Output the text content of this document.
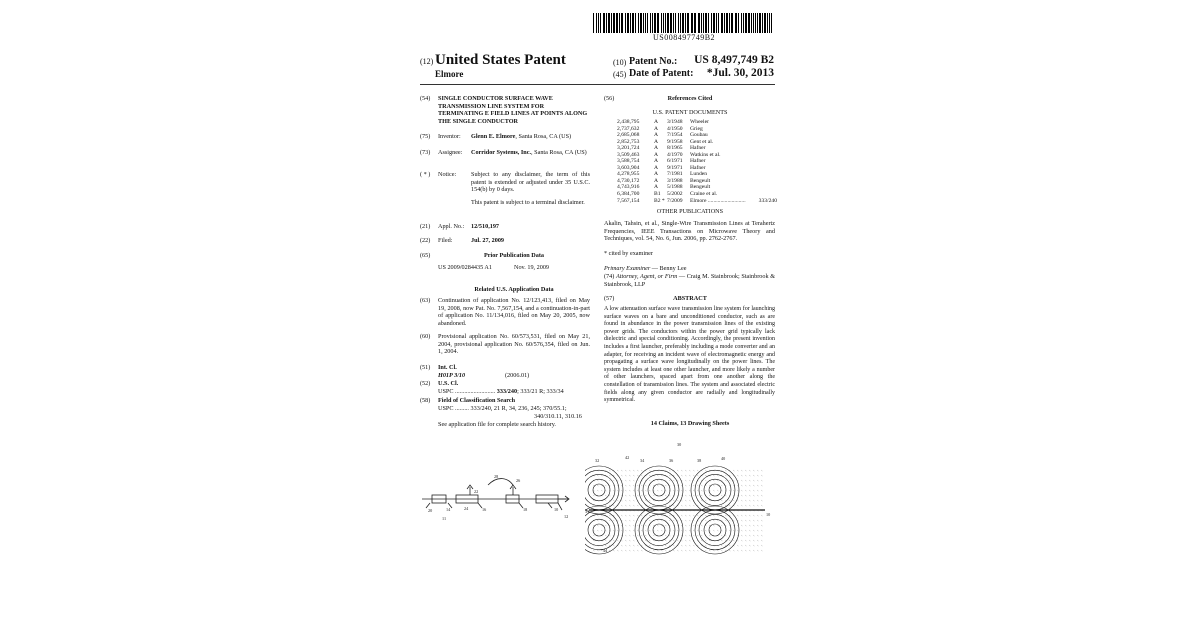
US008497749B2
(12) United States Patent
Elmore
(10) Patent No.: US 8,497,749 B2
(45) Date of Patent: *Jul. 30, 2013
(54) SINGLE CONDUCTOR SURFACE WAVE TRANSMISSION LINE SYSTEM FOR TERMINATING E FIELD LINES AT POINTS ALONG THE SINGLE CONDUCTOR
(75) Inventor: Glenn E. Elmore, Santa Rosa, CA (US)
(73) Assignee: Corridor Systems, Inc., Santa Rosa, CA (US)
( * ) Notice: Subject to any disclaimer, the term of this patent is extended or adjusted under 35 U.S.C. 154(b) by 0 days.
This patent is subject to a terminal disclaimer.
(21) Appl. No.: 12/510,197
(22) Filed:	Jul. 27, 2009
(65)	Prior Publication Data
US 2009/0284435 A1	Nov. 19, 2009
Related U.S. Application Data
(63) Continuation of application No. 12/123,413, filed on May 19, 2008, now Pat. No. 7,567,154, and a continuation-in-part of application No. 11/134,016, filed on May 20, 2005, now abandoned.
(60) Provisional application No. 60/573,531, filed on May 21, 2004, provisional application No. 60/576,354, filed on Jun. 1, 2004.
(51) Int. Cl.
H01P 3/10	(2006.01)
(52) U.S. Cl.
USPC .......................... 333/240; 333/21 R; 333/34
(58) Field of Classification Search
USPC ......... 333/240, 21 R, 34, 236, 245; 370/55.1;
340/310.11, 310.16
See application file for complete search history.
(56)	References Cited
U.S. PATENT DOCUMENTS
2,438,795	A	3/1948	Wheeler
2,737,632	A	4/1950	Grieg
2,685,068	A	7/1954	Goubau
2,852,753	A	9/1958	Gent et al.
3,201,724	A	8/1965	Hafner
3,509,463	A	4/1970	Watkins et al.
3,588,754	A	6/1971	Hafner
3,603,904	A	9/1971	Hafner
4,278,955	A	7/1981	Lunden
4,730,172	A	3/1988	Bengeult
4,743,916	A	5/1988	Bengeult
6,384,700	B1	5/2002	Craine et al.
7,567,154	B2 * 7/2009	Elmore ...........................	333/240
OTHER PUBLICATIONS
Akalin, Tahsin, et al., Single-Wire Transmission Lines at Terahertz Frequencies, IEEE Transactions on Microwave Theory and Techniques, vol. 54, No. 6, Jun. 2006, pp. 2762-2767.
* cited by examiner
Primary Examiner — Benny Lee
(74) Attorney, Agent, or Firm — Craig M. Stainbrook; Stainbrook & Stainbrook, LLP
(57)	ABSTRACT
A low attenuation surface wave transmission line system for launching surface waves on a bare and unconditioned conductor, such as are found in abundance in the power transmission lines of the existing power grids. The conductors within the power grid typically lack dielectric and special conditioning. Accordingly, the present invention includes a first launcher, preferably including a mode converter and an adapter, for receiving an incident wave of electromagnetic energy and propagating a surface wave longitudinally on the power lines. The system includes at least one other launcher, and more likely a number of other launchers, spaced apart from one another along the constellation of transmission lines. The system and associated electric fields along any given conductor are radially and longitudinally symmetrical.
14 Claims, 13 Drawing Sheets
20
22
24
26
14	16	18	10
12
11
28
30
32	34	36	38	40
42
44
31
10
